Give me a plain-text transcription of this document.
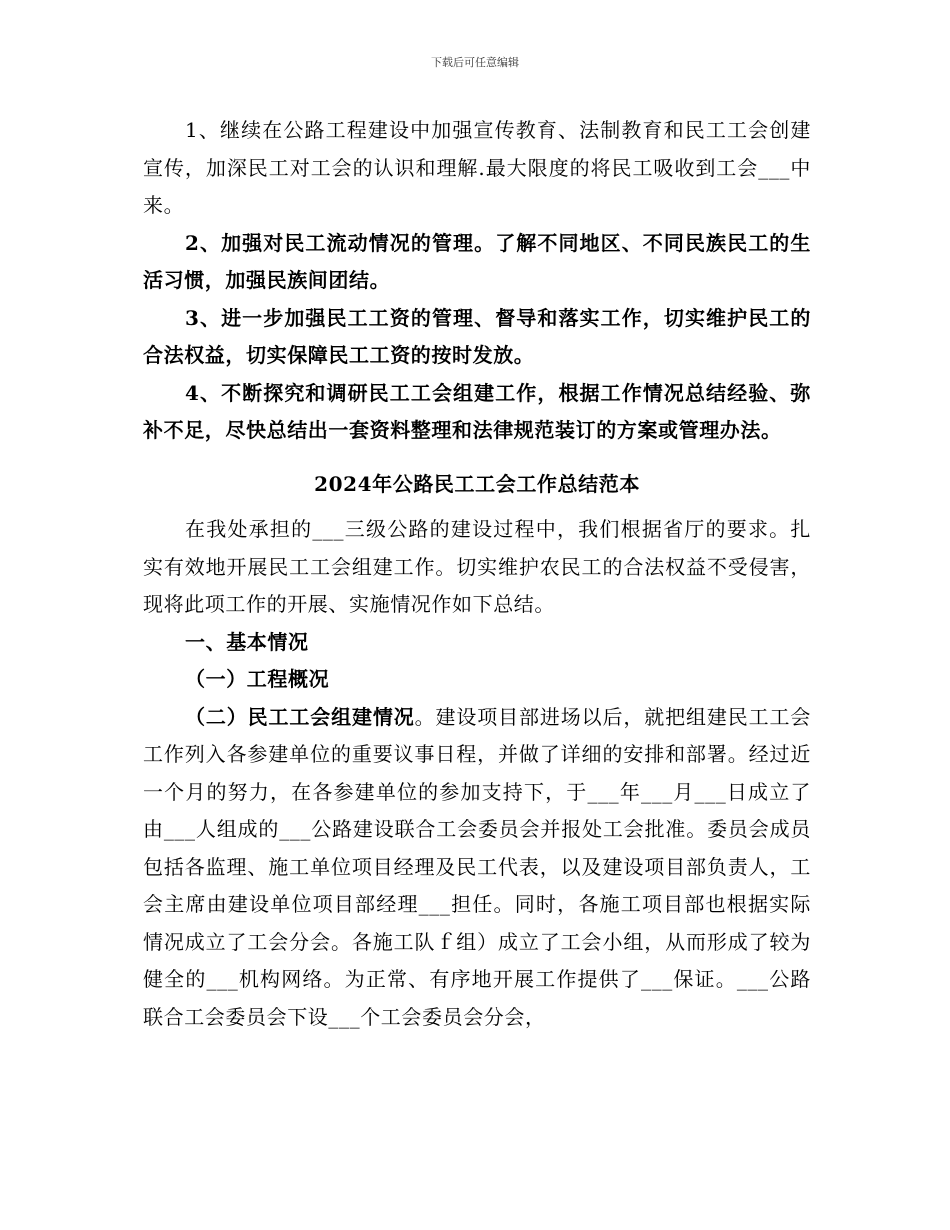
下载后可任意编辑

1、继续在公路工程建设中加强宣传教育、法制教育和民工工会创建宣传，加深民工对工会的认识和理解.最大限度的将民工吸收到工会___中来。

2、加强对民工流动情况的管理。了解不同地区、不同民族民工的生活习惯，加强民族间团结。

3、进一步加强民工工资的管理、督导和落实工作，切实维护民工的合法权益，切实保障民工工资的按时发放。

4、不断探究和调研民工工会组建工作，根据工作情况总结经验、弥补不足，尽快总结出一套资料整理和法律规范装订的方案或管理办法。

2024年公路民工工会工作总结范本

在我处承担的___三级公路的建设过程中，我们根据省厅的要求。扎实有效地开展民工工会组建工作。切实维护农民工的合法权益不受侵害，现将此项工作的开展、实施情况作如下总结。

一、基本情况

（一）工程概况

（二）民工工会组建情况。建设项目部进场以后，就把组建民工工会工作列入各参建单位的重要议事日程，并做了详细的安排和部署。经过近一个月的努力，在各参建单位的参加支持下，于___年___月___日成立了由___人组成的___公路建设联合工会委员会并报处工会批准。委员会成员包括各监理、施工单位项目经理及民工代表，以及建设项目部负责人，工会主席由建设单位项目部经理___担任。同时，各施工项目部也根据实际情况成立了工会分会。各施工队ｆ组）成立了工会小组，从而形成了较为健全的___机构网络。为正常、有序地开展工作提供了___保证。___公路联合工会委员会下设___个工会委员会分会，
